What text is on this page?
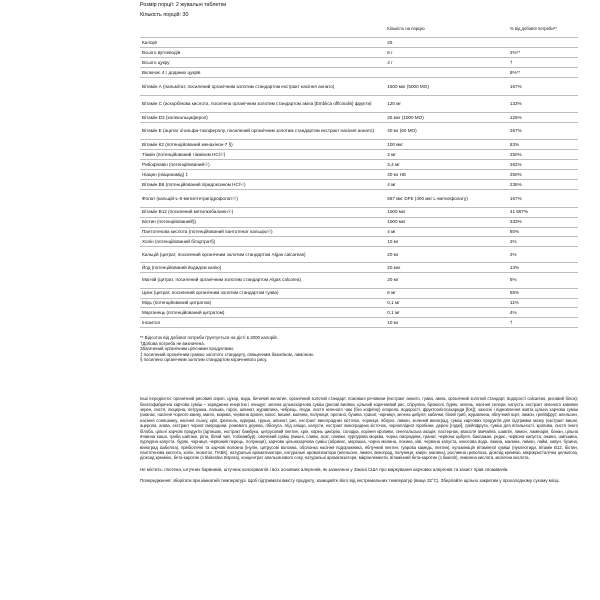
Розмір порції: 2 жувальні таблетки
Кількість порцій: 30
	Кількість на порцію	% від добової потреби**
Калорії	25	
Всього вуглеводів	6 г	2%**
Всього цукру	4 г	†
Включає 4 г доданих цукрів		8%**
Вітамін А (пальмітат, посилений органічним золотим стандартом екстракт насіння аннато)	1500 мкг (5000 МО)	167%
Вітамін С (аскорбінова кислота, посилена органічним золотим стандартом амла [Emblica officinalis] фрукти)	120 мг	133%
Вітамін D3 (холекальциферол)	25 мкг (1000 МО)	125%
Вітамін Е (ацетат d-альфа-токоферолу, посилений органічним золотим стандартом екстракт насіння аннато)	40 мг (60 МО)	267%
Вітамін К2 (потенційований менахінон-7 §)	100 мкг	83%
Тіамін (потенційований тіаміном HCl☉)	3 мг	250%
Рибофлавін (потенційований☉)	3,4 мг	262%
Ніацин (ніацинамід) ‡	40 мг НЕ	250%
Вітамін В6 (потенційований піридоксином HCl☉)	4 мг	235%
Фолат (кальцій-L-5-метилтетрагідрофолат☉)	667 мкг DFE (400 мкг L-метилфолату)	167%
Вітамін В12 (посилений метилкобаланін☉)	1000 мкг	41 667%
Біотин (потенційований§)	1000 мкг	333%
Пантотенова кислота (потенційований пантотенат кальцію☉)	4 мг	80%
Холін (потенційований бітартрат§)	10 мг	2%
Кальцій (цитрат, посилений органічним золотим стандартом Algas calcareas)	20 мг	2%
Йод (потенційований йодидом калію)	20 мкг	13%
Магній (цитрат, посилений органічним золотим стандартом Algas calcarea)	20 мг	5%
Цинк (цитрат, посилений органічним золотим стандартом гуава)	6 мг	55%
Мідь (потенційований цитратом)	0,1 мг	11%
Марганець (потенційований цитратом)	0,1 мг	4%
Інозитол	10 мг	†
** Відсоток від добової потреби ґрунтується на дієті в 2000 калорій.
†Добова потреба не визначена.
Збагачений органічним цілісними продуктами.
‡ посилений органічним гуавою золотого стандарту, священним базиліком, лимоном.
§ посилено органічним золотим стандартом коричневого рису.
Інші інгредієнти: органічний рисовий сироп, цукор, вода, бичачий желатин, органічний золотий стандарт, пожовані речовини (екстракт аннато, гуава, амла, органічний золотий стандарт, водорості calcareas, рисовий білок); багатофабрична харчова суміш – заряджена енергією і очищує: зелена цільнохарчова суміш (рисові висівки, цільний коричневий рис, спіруліна, брокколі, буряк, зелень, насіння селери, капуста, екстракт зеленого кавових зерен, листя, люцерна, петрушка, пальма, горох, шпинат, журавлина, чебрець, ягоди, листя зеленого чаю (без кофеїну) хлорела, водорості, фруктоолігосахариди [fos]); захисні і відновлення жовта цільна харчова суміш (ананас, насіння чорного кмину, манго, морква, червона аронія, кокос, вишня, малина, полуниця, орегано, бузина, гранат, чорниця, зелена цибуля, кабачки, білий гриб, журавлина, яблучний оцет, лимон, грейпфрут, апельсин, насіння соняшнику, насіння льону, кріп, фенхель, куркума, груша, шпинат, рис, екстракт виноградних кісточок, чорниця, яблуко, лимон, зелений виноград, суміш харчових продуктів для підтримки мозку (екстракт вишні, ацерола, агава, екстракт чорної смородини, рожевого дерева, гібіскуса, ягід аліщю, капусти, екстракт виноградних кісточок, чорноплідної горобини, дерезі [годжі], грейпфрута, суміш для вітальності, кропива, листя гінкго білоба, цільні харчові продукти (артишок, екстракт бамбука, цитрусовий пектин, хрін, корінь цикорію, солодка, коріння кропиви, сенегальська акація, пастернак, квасоля звичайна, шавлія, лимон, ламінарія, банан, цільна ячмінна каша, гриби шиітаке, ріпа, білий чай, топінамбур), овочевий суміш (вишні, сливи, асаї, оливки, пурпурова морква, чорна смородина, гранат, червона цибуля, баклажан, редис, червона капуста, ожина, шипшина, пурпурна капуста, буряк, чорниця, червоний перець, полуниця), харчова цільнохарчова суміш (абрикос, морошка, чорна малина, лохина, ківі, червона капуста, кокосова вода, ожина, малина, лимон, лайм, кавун, бузина, виноград ізабелла), пребіотичні та харчові волокна (інулін, цитрусові волокна, оболонка насіння подорожника, яблучний пектин, гуарова камедь, пектин), кульмінація вітамінної суміші (нуклеотиди, вітамін В12, біотин, пантотенова кислота, холін, інозитол, ПАБК), натуральні ароматизатори, натуральні ароматизатори (апельсин, лимон, виноград, полуниця, кавун, малина), рослинна целюлоза, діоксид кремнію, мікрокристалічна целюлоза, діоксид кремнію, бета-каротин (з blakeslea trispora), концентрат апельсинового соку, натуральні ароматизатори, мікроелементи, вітамінний бета-каротин (з бакелії), лимонна кислота, молочна кислота.
Не містить: глютена, штучних барвників, штучних консервантів і всіх основних алергенів, як зазначено у Законі США про маркування харчових алергенів та захист прав споживачів.
Попередження: зберігати при кімнатній температурі. Щоб підтримати вмісту продукту, захищайте його від екстремальних температур (вище 32°C). Зберігайте щільно закритим у прохолодному сухому місці.
